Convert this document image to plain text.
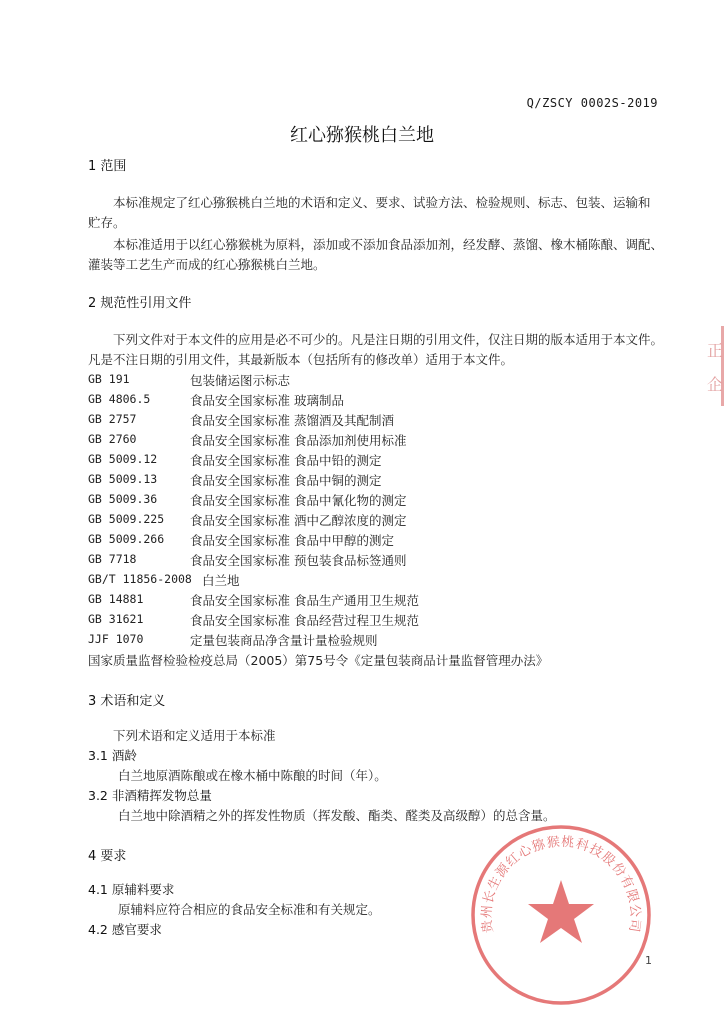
Q/ZSCY 0002S-2019
红心猕猴桃白兰地
1 范围
本标准规定了红心猕猴桃白兰地的术语和定义、要求、试验方法、检验规则、标志、包装、运输和
贮存。
本标准适用于以红心猕猴桃为原料，添加或不添加食品添加剂，经发酵、蒸馏、橡木桶陈酿、调配、
灌装等工艺生产而成的红心猕猴桃白兰地。
2 规范性引用文件
下列文件对于本文件的应用是必不可少的。凡是注日期的引用文件，仅注日期的版本适用于本文件。
凡是不注日期的引用文件，其最新版本（包括所有的修改单）适用于本文件。
GB 191	包装储运图示标志
GB 4806.5	食品安全国家标准 玻璃制品
GB 2757	食品安全国家标准 蒸馏酒及其配制酒
GB 2760	食品安全国家标准 食品添加剂使用标准
GB 5009.12	食品安全国家标准 食品中铅的测定
GB 5009.13	食品安全国家标准 食品中铜的测定
GB 5009.36	食品安全国家标准 食品中氰化物的测定
GB 5009.225 食品安全国家标准 酒中乙醇浓度的测定
GB 5009.266 食品安全国家标准 食品中甲醇的测定
GB 7718	食品安全国家标准 预包装食品标签通则
GB/T 11856-2008 白兰地
GB 14881	食品安全国家标准 食品生产通用卫生规范
GB 31621	食品安全国家标准 食品经营过程卫生规范
JJF 1070	定量包装商品净含量计量检验规则
国家质量监督检验检疫总局（2005）第75号令《定量包装商品计量监督管理办法》
3 术语和定义
下列术语和定义适用于本标准
3.1 酒龄
白兰地原酒陈酿或在橡木桶中陈酿的时间（年）。
3.2 非酒精挥发物总量
白兰地中除酒精之外的挥发性物质（挥发酸、酯类、醛类及高级醇）的总含量。
4 要求
4.1 原辅料要求
原辅料应符合相应的食品安全标准和有关规定。
4.2 感官要求
正
企
贵州长生源红心猕猴桃科技股份有限公司
1
